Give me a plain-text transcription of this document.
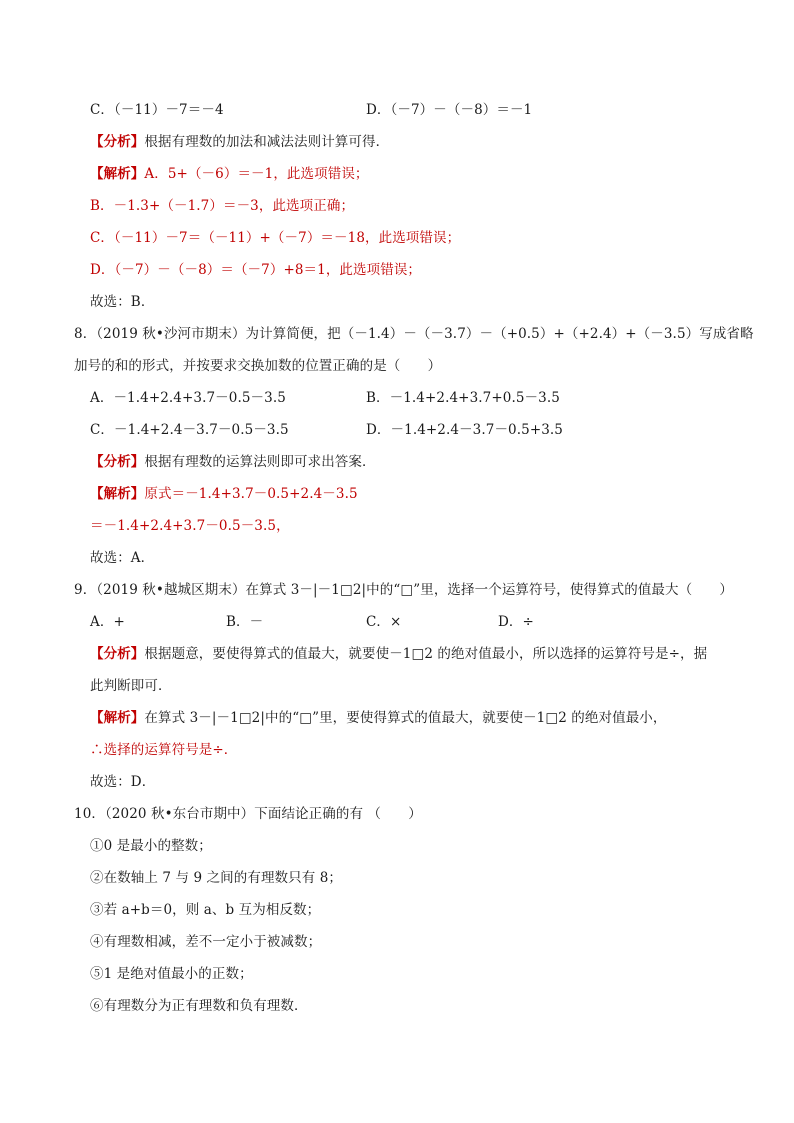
C．（－11）－7＝－4	D．（－7）－（－8）＝－1
【分析】根据有理数的加法和减法法则计算可得．
【解析】A．5+（－6）＝－1，此选项错误；
B．－1.3+（－1.7）＝－3，此选项正确；
C．（－11）－7＝（－11）+（－7）＝－18，此选项错误；
D．（－7）－（－8）＝（－7）+8＝1，此选项错误；
故选：B．
8．（2019 秋•沙河市期末）为计算简便，把（－1.4）－（－3.7）－（+0.5）+（+2.4）+（－3.5）写成省略
加号的和的形式，并按要求交换加数的位置正确的是（　　）
A．－1.4+2.4+3.7－0.5－3.5	B．－1.4+2.4+3.7+0.5－3.5
C．－1.4+2.4－3.7－0.5－3.5	D．－1.4+2.4－3.7－0.5+3.5
【分析】根据有理数的运算法则即可求出答案．
【解析】原式＝－1.4+3.7－0.5+2.4－3.5
＝－1.4+2.4+3.7－0.5－3.5，
故选：A．
9．（2019 秋•越城区期末）在算式 3－|－1□2|中的“□”里，选择一个运算符号，使得算式的值最大（　　）
A．+	B．－	C．×	D．÷
【分析】根据题意，要使得算式的值最大，就要使－1□2 的绝对值最小，所以选择的运算符号是÷，据
此判断即可．
【解析】在算式 3－|－1□2|中的“□”里，要使得算式的值最大，就要使－1□2 的绝对值最小，
∴选择的运算符号是÷．
故选：D．
10．（2020 秋•东台市期中）下面结论正确的有 （　　）
①0 是最小的整数；
②在数轴上 7 与 9 之间的有理数只有 8；
③若 a+b＝0，则 a、b 互为相反数；
④有理数相减，差不一定小于被减数；
⑤1 是绝对值最小的正数；
⑥有理数分为正有理数和负有理数．
